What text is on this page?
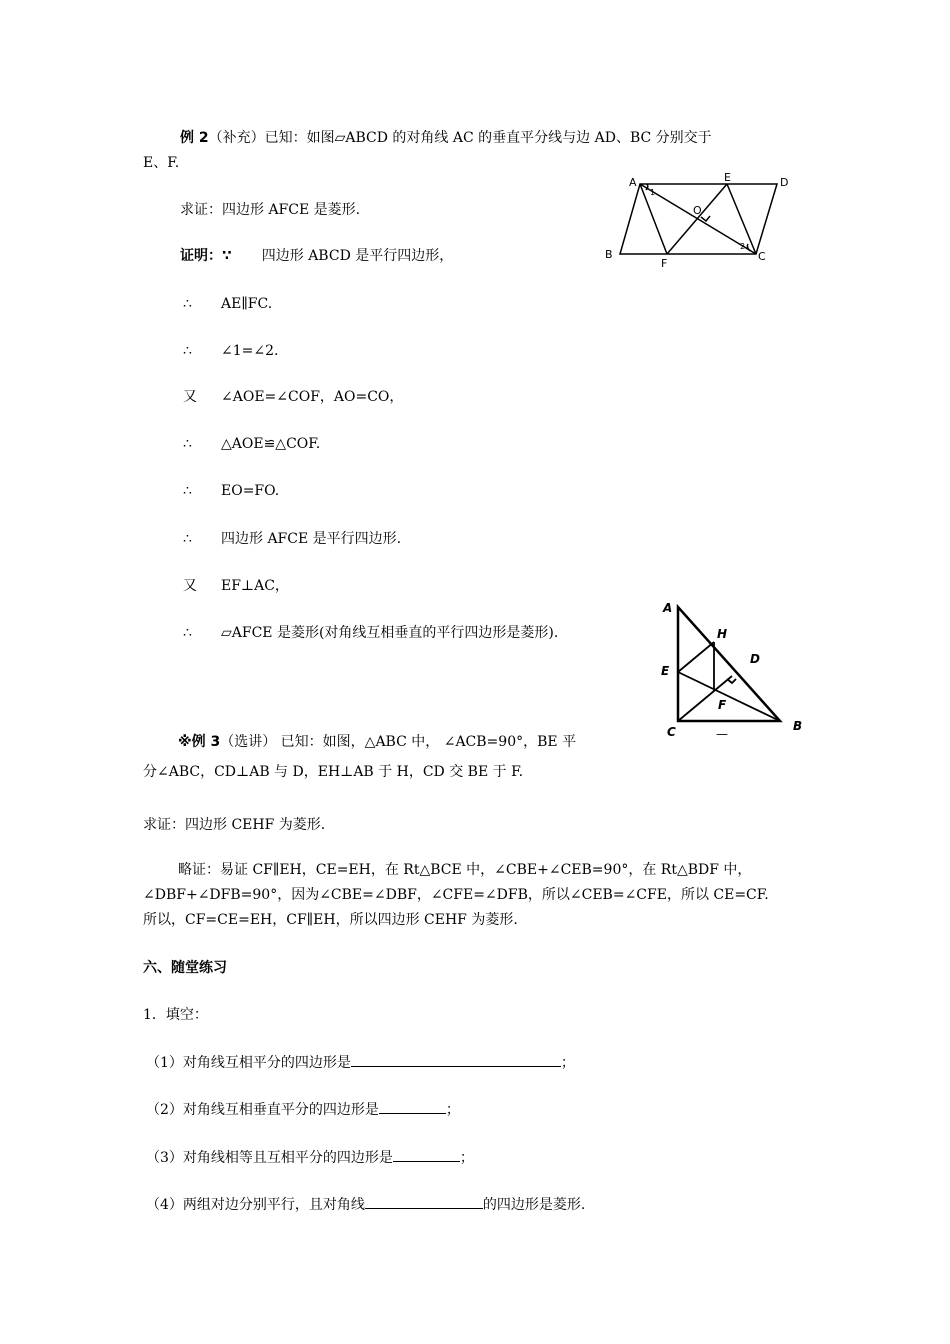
例 2（补充）已知：如图▱ABCD 的对角线 AC 的垂直平分线与边 AD、BC 分别交于
E、F.
求证：四边形 AFCE 是菱形.
证明：∵ 四边形 ABCD 是平行四边形，
∴ AE∥FC.
∴ ∠1=∠2.
又 ∠AOE=∠COF，AO=CO，
∴ △AOE≌△COF.
∴ EO=FO.
∴ 四边形 AFCE 是平行四边形.
又 EF⊥AC，
∴ ▱AFCE 是菱形(对角线互相垂直的平行四边形是菱形).
A	E	D
B
F
C
O
1
2
A
H
D
E
F
C	B
—
※例 3（选讲） 已知：如图，△ABC 中， ∠ACB=90°，BE 平
分∠ABC，CD⊥AB 与 D，EH⊥AB 于 H，CD 交 BE 于 F.
求证：四边形 CEHF 为菱形.
略证：易证 CF∥EH，CE=EH，在 Rt△BCE 中，∠CBE+∠CEB=90°，在 Rt△BDF 中，
∠DBF+∠DFB=90°，因为∠CBE=∠DBF，∠CFE=∠DFB，所以∠CEB=∠CFE，所以 CE=CF.
所以，CF=CE=EH，CF∥EH，所以四边形 CEHF 为菱形.
六、随堂练习
1．填空：
（1）对角线互相平分的四边形是	；
（2）对角线互相垂直平分的四边形是	；
（3）对角线相等且互相平分的四边形是	；
（4）两组对边分别平行，且对角线	的四边形是菱形.
